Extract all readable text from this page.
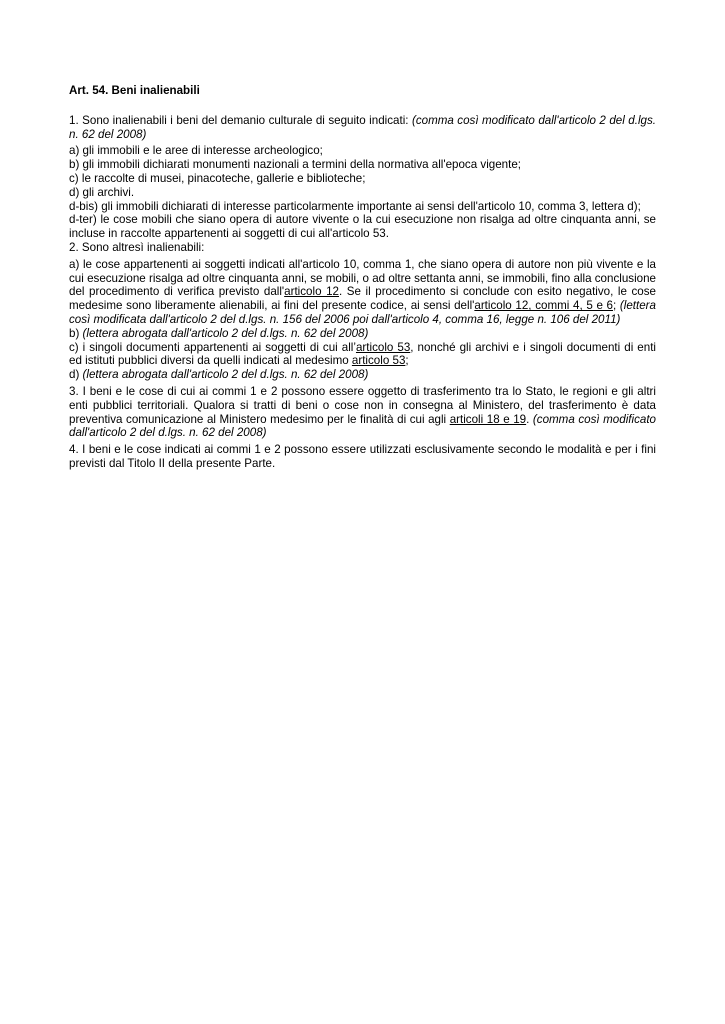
Art. 54. Beni inalienabili
1. Sono inalienabili i beni del demanio culturale di seguito indicati: (comma così modificato dall'articolo 2 del d.lgs. n. 62 del 2008)
a) gli immobili e le aree di interesse archeologico;
b) gli immobili dichiarati monumenti nazionali a termini della normativa all'epoca vigente;
c) le raccolte di musei, pinacoteche, gallerie e biblioteche;
d) gli archivi.
d-bis) gli immobili dichiarati di interesse particolarmente importante ai sensi dell'articolo 10, comma 3, lettera d);
d-ter) le cose mobili che siano opera di autore vivente o la cui esecuzione non risalga ad oltre cinquanta anni, se incluse in raccolte appartenenti ai soggetti di cui all'articolo 53.
2. Sono altresì inalienabili:
a) le cose appartenenti ai soggetti indicati all'articolo 10, comma 1, che siano opera di autore non più vivente e la cui esecuzione risalga ad oltre cinquanta anni, se mobili, o ad oltre settanta anni, se immobili, fino alla conclusione del procedimento di verifica previsto dall'articolo 12. Se il procedimento si conclude con esito negativo, le cose medesime sono liberamente alienabili, ai fini del presente codice, ai sensi dell'articolo 12, commi 4, 5 e 6; (lettera così modificata dall'articolo 2 del d.lgs. n. 156 del 2006 poi dall'articolo 4, comma 16, legge n. 106 del 2011)
b) (lettera abrogata dall'articolo 2 del d.lgs. n. 62 del 2008)
c) i singoli documenti appartenenti ai soggetti di cui all’articolo 53, nonché gli archivi e i singoli documenti di enti ed istituti pubblici diversi da quelli indicati al medesimo articolo 53;
d) (lettera abrogata dall'articolo 2 del d.lgs. n. 62 del 2008)
3. I beni e le cose di cui ai commi 1 e 2 possono essere oggetto di trasferimento tra lo Stato, le regioni e gli altri enti pubblici territoriali. Qualora si tratti di beni o cose non in consegna al Ministero, del trasferimento è data preventiva comunicazione al Ministero medesimo per le finalità di cui agli articoli 18 e 19. (comma così modificato dall'articolo 2 del d.lgs. n. 62 del 2008)
4. I beni e le cose indicati ai commi 1 e 2 possono essere utilizzati esclusivamente secondo le modalità e per i fini previsti dal Titolo II della presente Parte.
